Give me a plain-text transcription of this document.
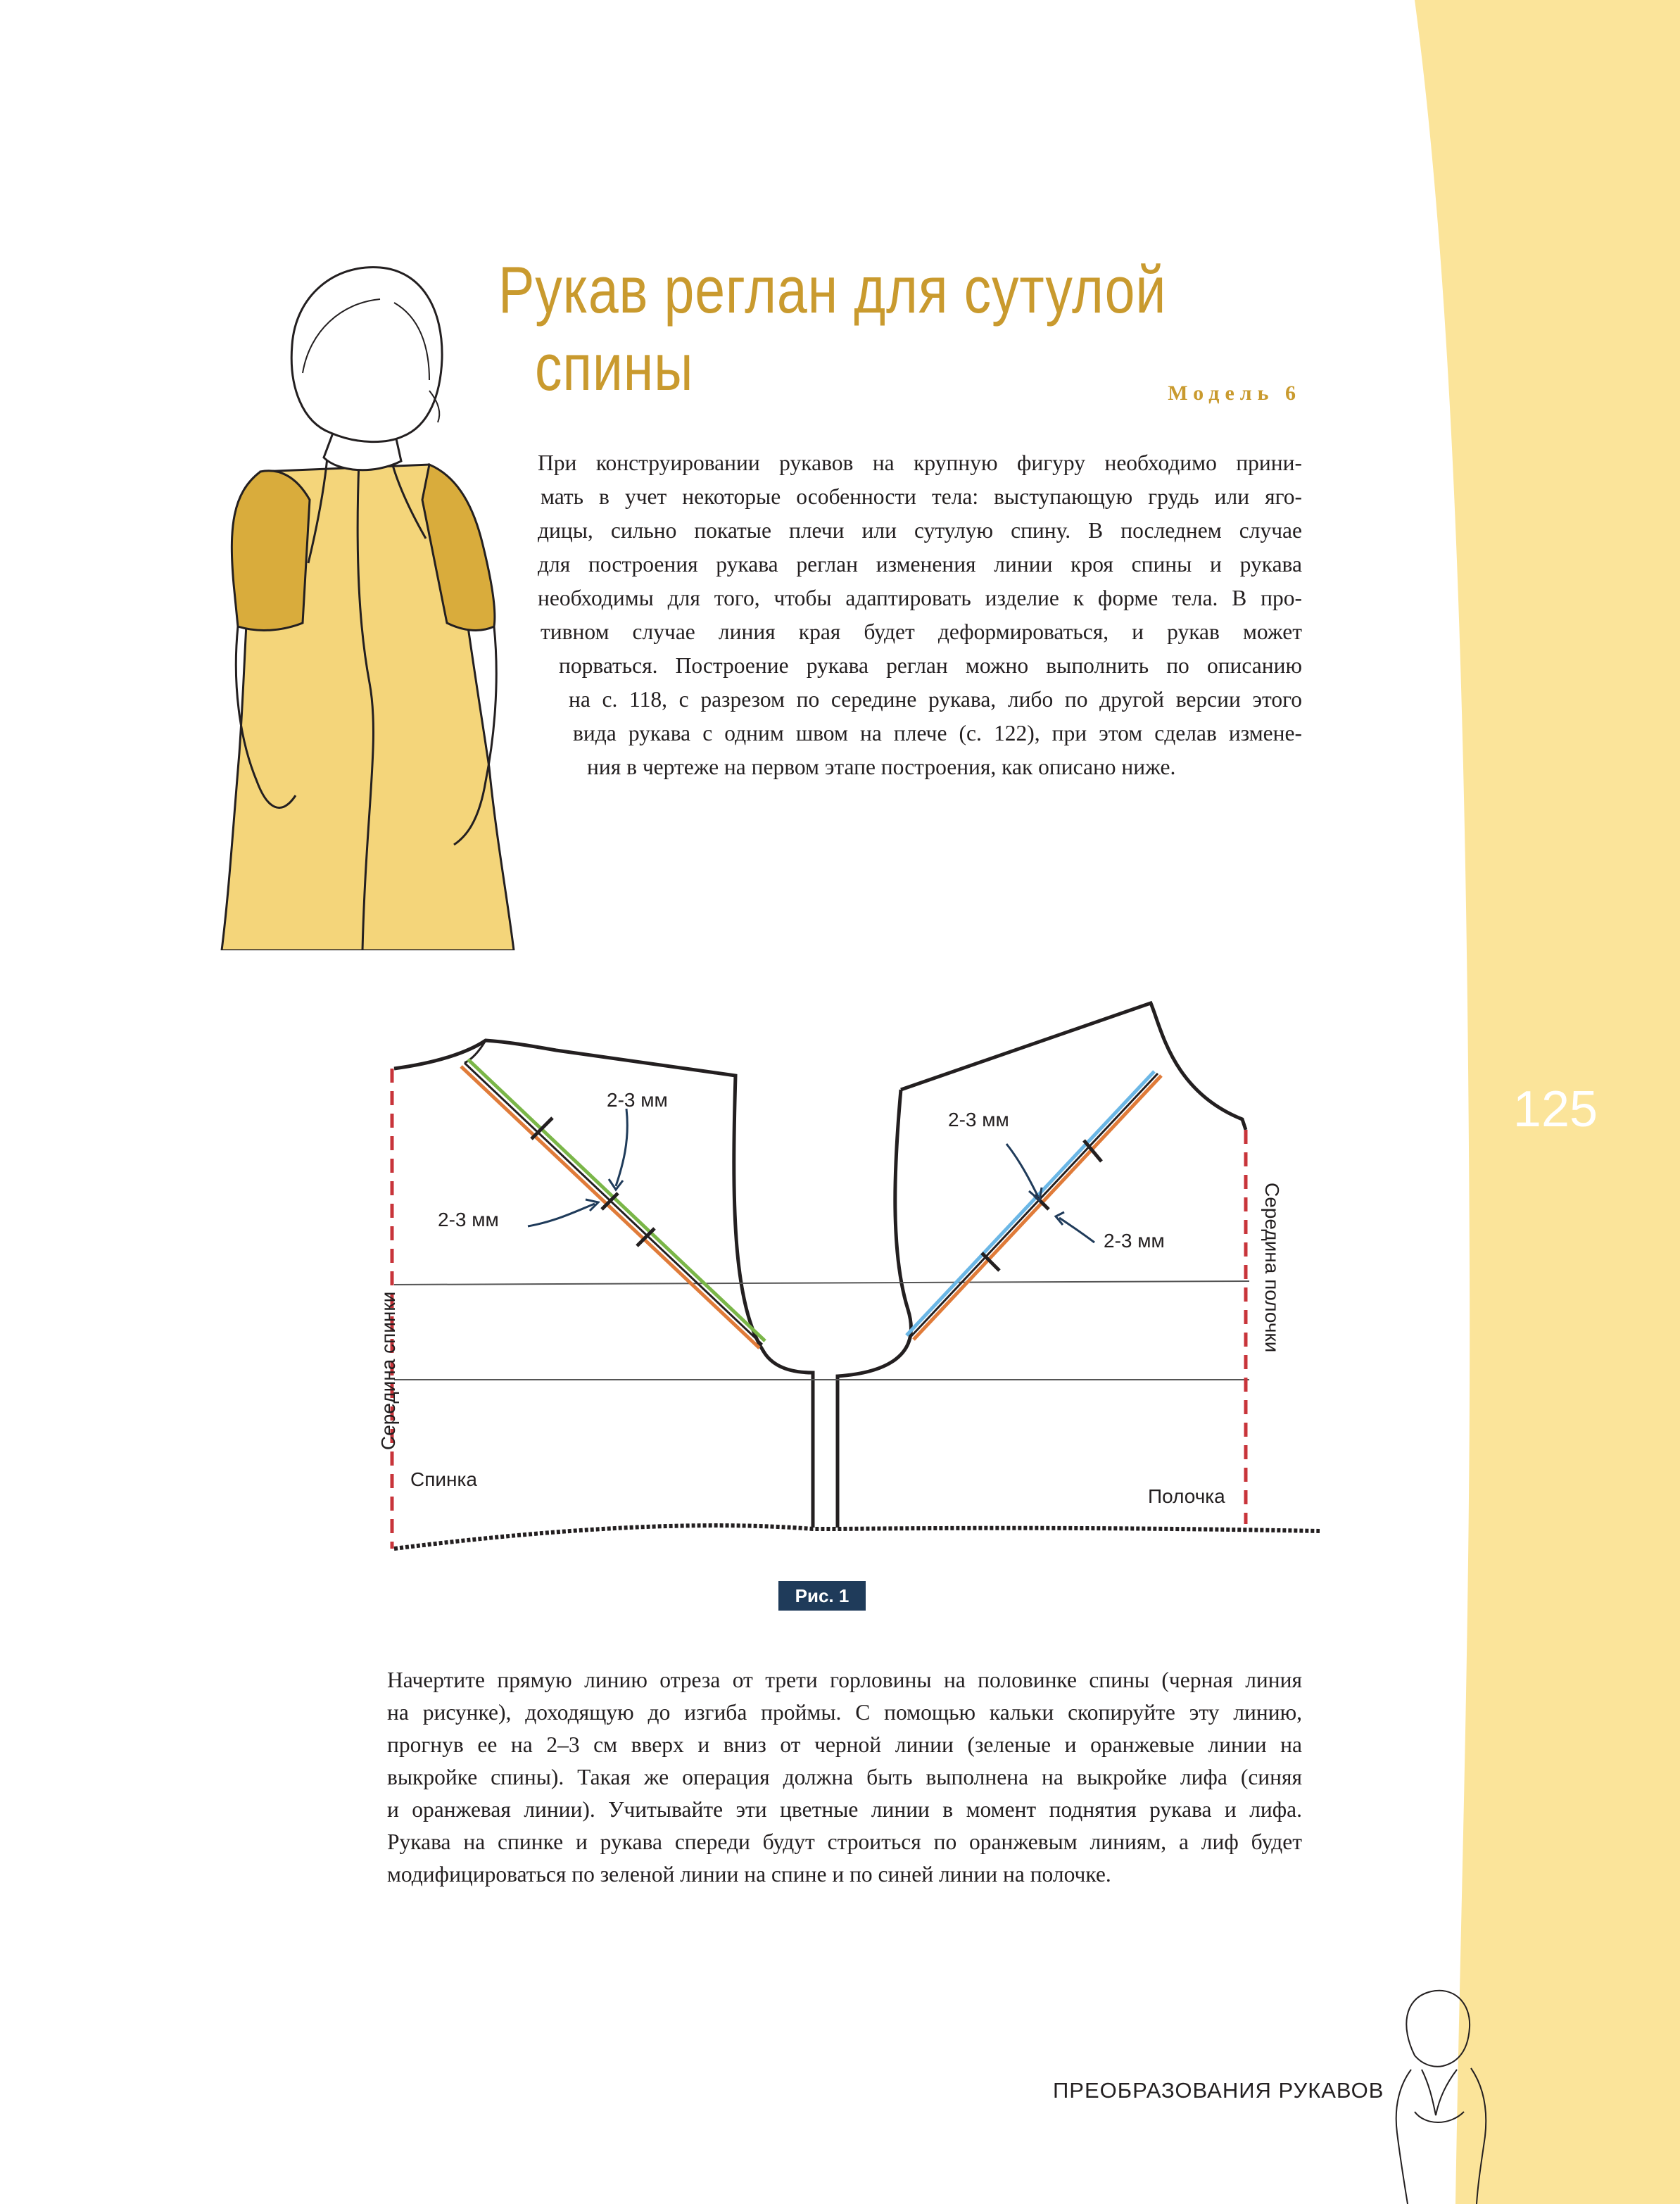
125
Рукав реглан для сутулой
спины	Модель 6
При конструировании рукавов на крупную фигуру необходимо прини-
мать в учет некоторые особенности тела: выступающую грудь или яго-
дицы, сильно покатые плечи или сутулую спину. В последнем случае
для построения рукава реглан изменения линии кроя спины и рукава
необходимы для того, чтобы адаптировать изделие к форме тела. В про-
тивном случае линия края будет деформироваться, и рукав может
порваться. Построение рукава реглан можно выполнить по описанию
на с. 118, с разрезом по середине рукава, либо по другой версии этого
вида рукава с одним швом на плече (с. 122), при этом сделав измене-
ния в чертеже на первом этапе построения, как описано ниже.
2-3 мм
2-3 мм
2-3 мм
2-3 мм
Спинка
Полочка
Середина спинки
Середина полочки
Рис. 1
Начертите прямую линию отреза от трети горловины на половинке спины (черная линия
на рисунке), доходящую до изгиба проймы. С помощью кальки скопируйте эту линию,
прогнув ее на 2–3 см вверх и вниз от черной линии (зеленые и оранжевые линии на
выкройке спины). Такая же операция должна быть выполнена на выкройке лифа (синяя
и оранжевая линии). Учитывайте эти цветные линии в момент поднятия рукава и лифа.
Рукава на спинке и рукава спереди будут строиться по оранжевым линиям, а лиф будет
модифицироваться по зеленой линии на спине и по синей линии на полочке.
ПРЕОБРАЗОВАНИЯ РУКАВОВ
